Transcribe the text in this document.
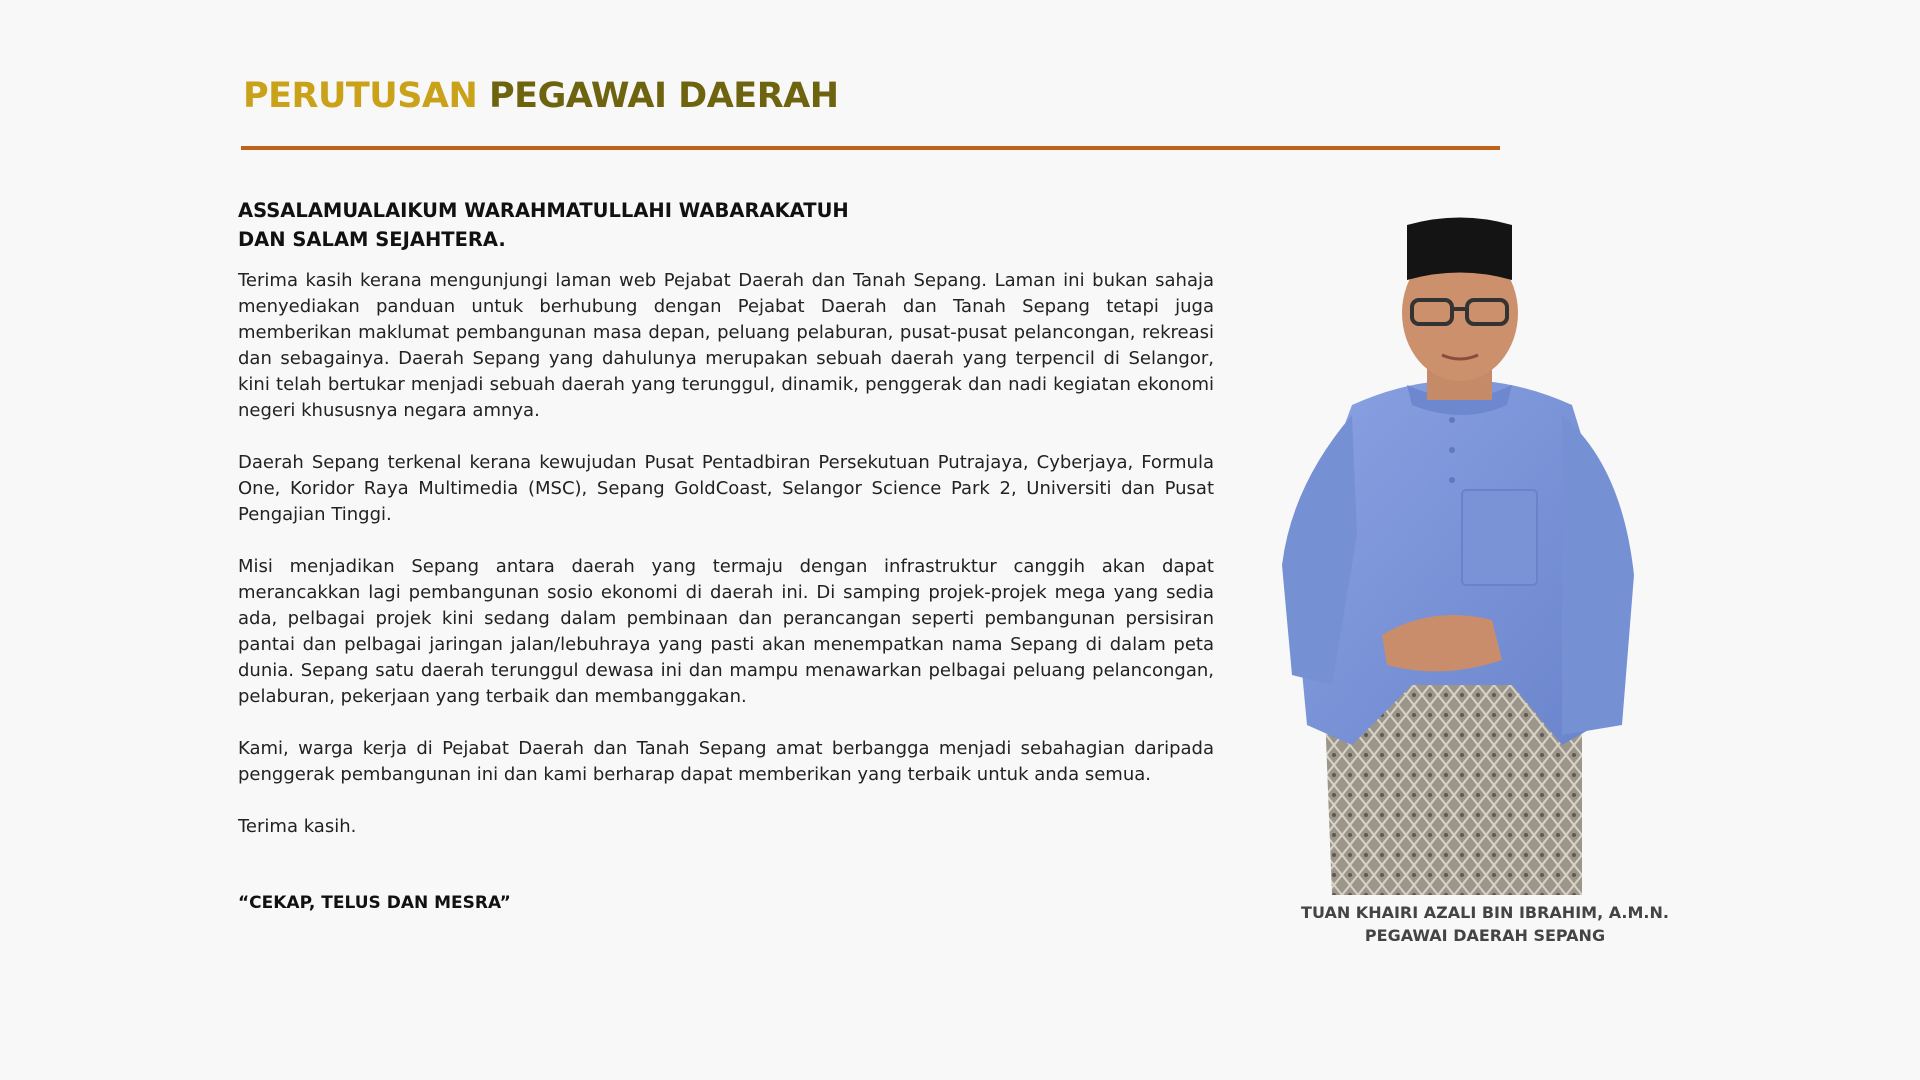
PERUTUSAN PEGAWAI DAERAH
ASSALAMUALAIKUM WARAHMATULLAHI WABARAKATUH
DAN SALAM SEJAHTERA.

Terima kasih kerana mengunjungi laman web Pejabat Daerah dan Tanah Sepang. Laman ini bukan sahaja menyediakan panduan untuk berhubung dengan Pejabat Daerah dan Tanah Sepang tetapi juga memberikan maklumat pembangunan masa depan, peluang pelaburan, pusat-pusat pelancongan, rekreasi dan sebagainya. Daerah Sepang yang dahulunya merupakan sebuah daerah yang terpencil di Selangor, kini telah bertukar menjadi sebuah daerah yang terunggul, dinamik, penggerak dan nadi kegiatan ekonomi negeri khususnya negara amnya.

Daerah Sepang terkenal kerana kewujudan Pusat Pentadbiran Persekutuan Putrajaya, Cyberjaya, Formula One, Koridor Raya Multimedia (MSC), Sepang GoldCoast, Selangor Science Park 2, Universiti dan Pusat Pengajian Tinggi.

Misi menjadikan Sepang antara daerah yang termaju dengan infrastruktur canggih akan dapat merancakkan lagi pembangunan sosio ekonomi di daerah ini. Di samping projek-projek mega yang sedia ada, pelbagai projek kini sedang dalam pembinaan dan perancangan seperti pembangunan persisiran pantai dan pelbagai jaringan jalan/lebuhraya yang pasti akan menempatkan nama Sepang di dalam peta dunia. Sepang satu daerah terunggul dewasa ini dan mampu menawarkan pelbagai peluang pelancongan, pelaburan, pekerjaan yang terbaik dan membanggakan.

Kami, warga kerja di Pejabat Daerah dan Tanah Sepang amat berbangga menjadi sebahagian daripada penggerak pembangunan ini dan kami berharap dapat memberikan yang terbaik untuk anda semua.

Terima kasih.

“CEKAP, TELUS DAN MESRA”	TUAN KHAIRI AZALI BIN IBRAHIM, A.M.N.
PEGAWAI DAERAH SEPANG
